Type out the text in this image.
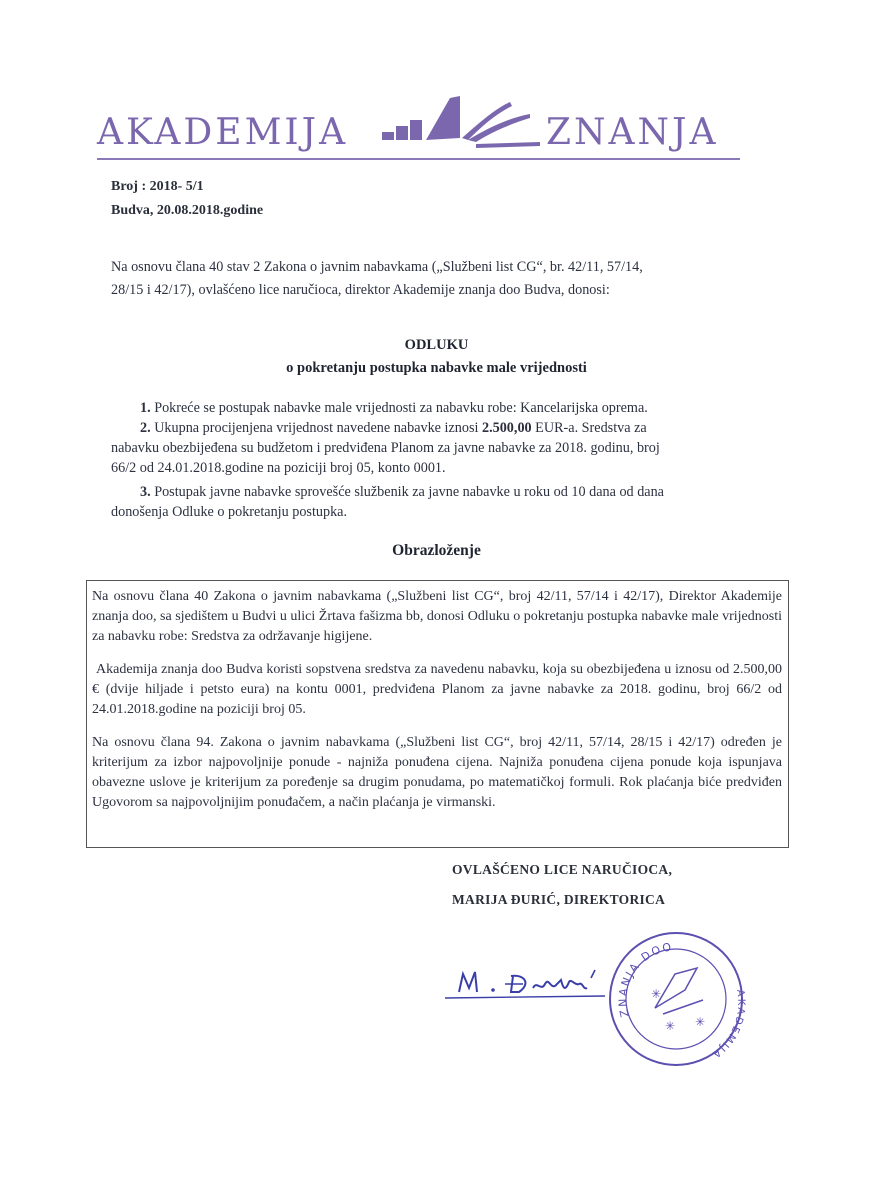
AKADEMIJA	ZNANJA
Broj : 2018- 5/1
Budva, 20.08.2018.godine
Na osnovu člana 40 stav 2 Zakona o javnim nabavkama („Službeni list CG“, br. 42/11, 57/14,
28/15 i 42/17), ovlašćeno lice naručioca, direktor Akademije znanja doo Budva, donosi:
ODLUKU
o pokretanju postupka nabavke male vrijednosti
1. Pokreće se postupak nabavke male vrijednosti za nabavku robe: Kancelarijska oprema.
2. Ukupna procijenjena vrijednost navedene nabavke iznosi 2.500,00 EUR-a. Sredstva za
nabavku obezbijeđena su budžetom i predviđena Planom za javne nabavke za 2018. godinu, broj
66/2 od 24.01.2018.godine na poziciji broj 05, konto 0001.
3. Postupak javne nabavke sprovešće službenik za javne nabavke u roku od 10 dana od dana
donošenja Odluke o pokretanju postupka.
Obrazloženje

Na osnovu člana 40 Zakona o javnim nabavkama („Službeni list CG“, broj 42/11, 57/14 i 42/17), Direktor Akademije znanja doo, sa sjedištem u Budvi u ulici Žrtava fašizma bb, donosi Odluku o pokretanju postupka nabavke male vrijednosti za nabavku robe: Sredstva za održavanje higijene.

Akademija znanja doo Budva koristi sopstvena sredstva za navedenu nabavku, koja su obezbijeđena u iznosu od 2.500,00 € (dvije hiljade i petsto eura) na kontu 0001, predviđena Planom za javne nabavke za 2018. godinu, broj 66/2 od 24.01.2018.godine na poziciji broj 05.

Na osnovu člana 94. Zakona o javnim nabavkama („Službeni list CG“, broj 42/11, 57/14, 28/15 i 42/17) određen je kriterijum za izbor najpovoljnije ponude - najniža ponuđena cijena. Najniža ponuđena cijena ponude koja ispunjava obavezne uslove je kriterijum za poređenje sa drugim ponudama, po matematičkoj formuli. Rok plaćanja biće predviđen Ugovorom sa najpovoljnijim ponuđačem, a način plaćanja je virmanski.

OVLAŠĆENO LICE NARUČIOCA,
MARIJA ĐURIĆ, DIREKTORICA
ZNANJA DOO
AKADEMIJA
✳
✳ ✳
